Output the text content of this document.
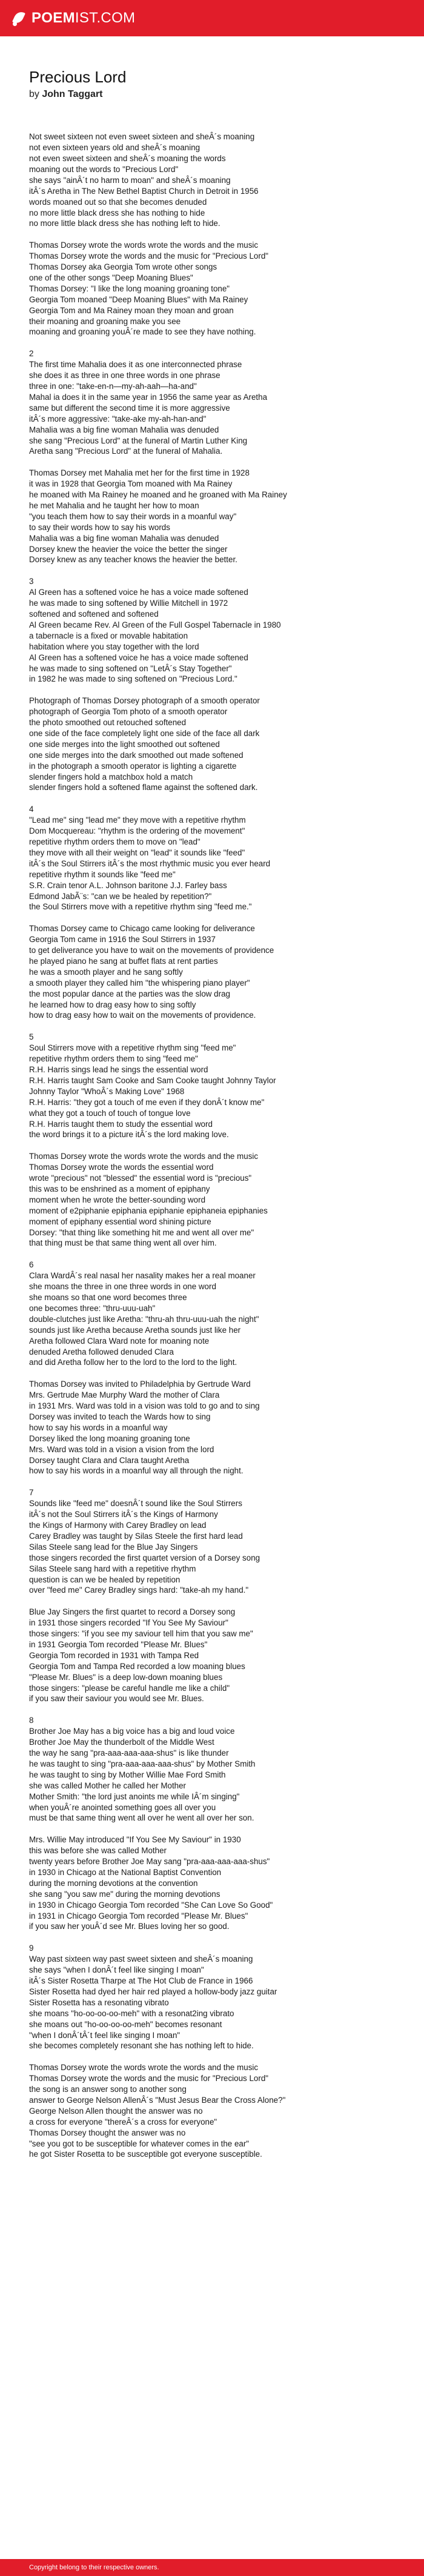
POEMIST.COM
Precious Lord
by John Taggart
Not sweet sixteen not even sweet sixteen and sheÂ´s moaning
not even sixteen years old and sheÂ´s moaning
not even sweet sixteen and sheÂ´s moaning the words
moaning out the words to "Precious Lord"
she says "ainÂ´t no harm to moan" and sheÂ´s moaning
itÂ´s Aretha in The New Bethel Baptist Church in Detroit in 1956
words moaned out so that she becomes denuded
no more little black dress she has nothing to hide
no more little black dress she has nothing left to hide.
Thomas Dorsey wrote the words wrote the words and the music
Thomas Dorsey wrote the words and the music for "Precious Lord"
Thomas Dorsey aka Georgia Tom wrote other songs
one of the other songs "Deep Moaning Blues"
Thomas Dorsey: "I like the long moaning groaning tone"
Georgia Tom moaned "Deep Moaning Blues" with Ma Rainey
Georgia Tom and Ma Rainey moan they moan and groan
their moaning and groaning make you see
moaning and groaning youÂ´re made to see they have nothing.
2
The first time Mahalia does it as one interconnected phrase
she does it as three in one three words in one phrase
three in one: "take-en-n—my-ah-aah—ha-and"
Mahal ia does it in the same year in 1956 the same year as Aretha
same but different the second time it is more aggressive
itÂ´s more aggressive: "take-ake my-ah-han-and"
Mahalia was a big fine woman Mahalia was denuded
she sang "Precious Lord" at the funeral of Martin Luther King
Aretha sang "Precious Lord" at the funeral of Mahalia.
Thomas Dorsey met Mahalia met her for the first time in 1928
it was in 1928 that Georgia Tom moaned with Ma Rainey
he moaned with Ma Rainey he moaned and he groaned with Ma Rainey
he met Mahalia and he taught her how to moan
"you teach them how to say their words in a moanful way"
to say their words how to say his words
Mahalia was a big fine woman Mahalia was denuded
Dorsey knew the heavier the voice the better the singer
Dorsey knew as any teacher knows the heavier the better.
3
Al Green has a softened voice he has a voice made softened
he was made to sing softened by Willie Mitchell in 1972
softened and softened and softened
Al Green became Rev. Al Green of the Full Gospel Tabernacle in 1980
a tabernacle is a fixed or movable habitation
habitation where you stay together with the lord
Al Green has a softened voice he has a voice made softened
he was made to sing softened on "LetÂ´s Stay Together"
in 1982 he was made to sing softened on "Precious Lord."
Photograph of Thomas Dorsey photograph of a smooth operator
photograph of Georgia Tom photo of a smooth operator
the photo smoothed out retouched softened
one side of the face completely light one side of the face all dark
one side merges into the light smoothed out softened
one side merges into the dark smoothed out made softened
in the photograph a smooth operator is lighting a cigarette
slender fingers hold a matchbox hold a match
slender fingers hold a softened flame against the softened dark.
4
"Lead me" sing "lead me" they move with a repetitive rhythm
Dom Mocquereau: "rhythm is the ordering of the movement"
repetitive rhythm orders them to move on "lead"
they move with all their weight on "lead" it sounds like "feed"
itÂ´s the Soul Stirrers itÂ´s the most rhythmic music you ever heard
repetitive rhythm it sounds like "feed me"
S.R. Crain tenor A.L. Johnson baritone J.J. Farley bass
Edmond JabÃ¨s: "can we be healed by repetition?"
the Soul Stirrers move with a repetitive rhythm sing "feed me."
Thomas Dorsey came to Chicago came looking for deliverance
Georgia Tom came in 1916 the Soul Stirrers in 1937
to get deliverance you have to wait on the movements of providence
he played piano he sang at buffet flats at rent parties
he was a smooth player and he sang softly
a smooth player they called him "the whispering piano player"
the most popular dance at the parties was the slow drag
he learned how to drag easy how to sing softly
how to drag easy how to wait on the movements of providence.
5
Soul Stirrers move with a repetitive rhythm sing "feed me"
repetitive rhythm orders them to sing "feed me"
R.H. Harris sings lead he sings the essential word
R.H. Harris taught Sam Cooke and Sam Cooke taught Johnny Taylor
Johnny Taylor "WhoÂ´s Making Love" 1968
R.H. Harris: "they got a touch of me even if they donÂ´t know me"
what they got a touch of touch of tongue love
R.H. Harris taught them to study the essential word
the word brings it to a picture itÂ´s the lord making love.
Thomas Dorsey wrote the words wrote the words and the music
Thomas Dorsey wrote the words the essential word
wrote "precious" not "blessed" the essential word is "precious"
this was to be enshrined as a moment of epiphany
moment when he wrote the better-sounding word
moment of e2piphanie epiphania epiphanie epiphaneia epiphanies
moment of epiphany essential word shining picture
Dorsey: "that thing like something hit me and went all over me"
that thing must be that same thing went all over him.
6
Clara WardÂ´s real nasal her nasality makes her a real moaner
she moans the three in one three words in one word
she moans so that one word becomes three
one becomes three: "thru-uuu-uah"
double-clutches just like Aretha: "thru-ah thru-uuu-uah the night"
sounds just like Aretha because Aretha sounds just like her
Aretha followed Clara Ward note for moaning note
denuded Aretha followed denuded Clara
and did Aretha follow her to the lord to the lord to the light.
Thomas Dorsey was invited to Philadelphia by Gertrude Ward
Mrs. Gertrude Mae Murphy Ward the mother of Clara
in 1931 Mrs. Ward was told in a vision was told to go and to sing
Dorsey was invited to teach the Wards how to sing
how to say his words in a moanful way
Dorsey liked the long moaning groaning tone
Mrs. Ward was told in a vision a vision from the lord
Dorsey taught Clara and Clara taught Aretha
how to say his words in a moanful way all through the night.
7
Sounds like "feed me" doesnÂ´t sound like the Soul Stirrers
itÂ´s not the Soul Stirrers itÂ´s the Kings of Harmony
the Kings of Harmony with Carey Bradley on lead
Carey Bradley was taught by Silas Steele the first hard lead
Silas Steele sang lead for the Blue Jay Singers
those singers recorded the first quartet version of a Dorsey song
Silas Steele sang hard with a repetitive rhythm
question is can we be healed by repetition
over "feed me" Carey Bradley sings hard: "take-ah my hand."
Blue Jay Singers the first quartet to record a Dorsey song
in 1931 those singers recorded "If You See My Saviour"
those singers: "if you see my saviour tell him that you saw me"
in 1931 Georgia Tom recorded "Please Mr. Blues"
Georgia Tom recorded in 1931 with Tampa Red
Georgia Tom and Tampa Red recorded a low moaning blues
"Please Mr. Blues" is a deep low-down moaning blues
those singers: "please be careful handle me like a child"
if you saw their saviour you would see Mr. Blues.
8
Brother Joe May has a big voice has a big and loud voice
Brother Joe May the thunderbolt of the Middle West
the way he sang "pra-aaa-aaa-aaa-shus" is like thunder
he was taught to sing "pra-aaa-aaa-aaa-shus" by Mother Smith
he was taught to sing by Mother Willie Mae Ford Smith
she was called Mother he called her Mother
Mother Smith: "the lord just anoints me while IÂ´m singing"
when youÂ´re anointed something goes all over you
must be that same thing went all over he went all over her son.
Mrs. Willie May introduced "If You See My Saviour" in 1930
this was before she was called Mother
twenty years before Brother Joe May sang "pra-aaa-aaa-aaa-shus"
in 1930 in Chicago at the National Baptist Convention
during the morning devotions at the convention
she sang "you saw me" during the morning devotions
in 1930 in Chicago Georgia Tom recorded "She Can Love So Good"
in 1931 in Chicago Georgia Tom recorded "Please Mr. Blues"
if you saw her youÂ´d see Mr. Blues loving her so good.
9
Way past sixteen way past sweet sixteen and sheÂ´s moaning
she says "when I donÂ´t feel like singing I moan"
itÂ´s Sister Rosetta Tharpe at The Hot Club de France in 1966
Sister Rosetta had dyed her hair red played a hollow-body jazz guitar
Sister Rosetta has a resonating vibrato
she moans "ho-oo-oo-oo-meh" with a resonat2ing vibrato
she moans out "ho-oo-oo-oo-meh" becomes resonant
"when I donÂ´tÂ´t feel like singing I moan"
she becomes completely resonant she has nothing left to hide.
Thomas Dorsey wrote the words wrote the words and the music
Thomas Dorsey wrote the words and the music for "Precious Lord"
the song is an answer song to another song
answer to George Nelson AllenÂ´s "Must Jesus Bear the Cross Alone?"
George Nelson Allen thought the answer was no
a cross for everyone "thereÂ´s a cross for everyone"
Thomas Dorsey thought the answer was no
"see you got to be susceptible for whatever comes in the ear"
he got Sister Rosetta to be susceptible got everyone susceptible.
Copyright belong to their respective owners.
